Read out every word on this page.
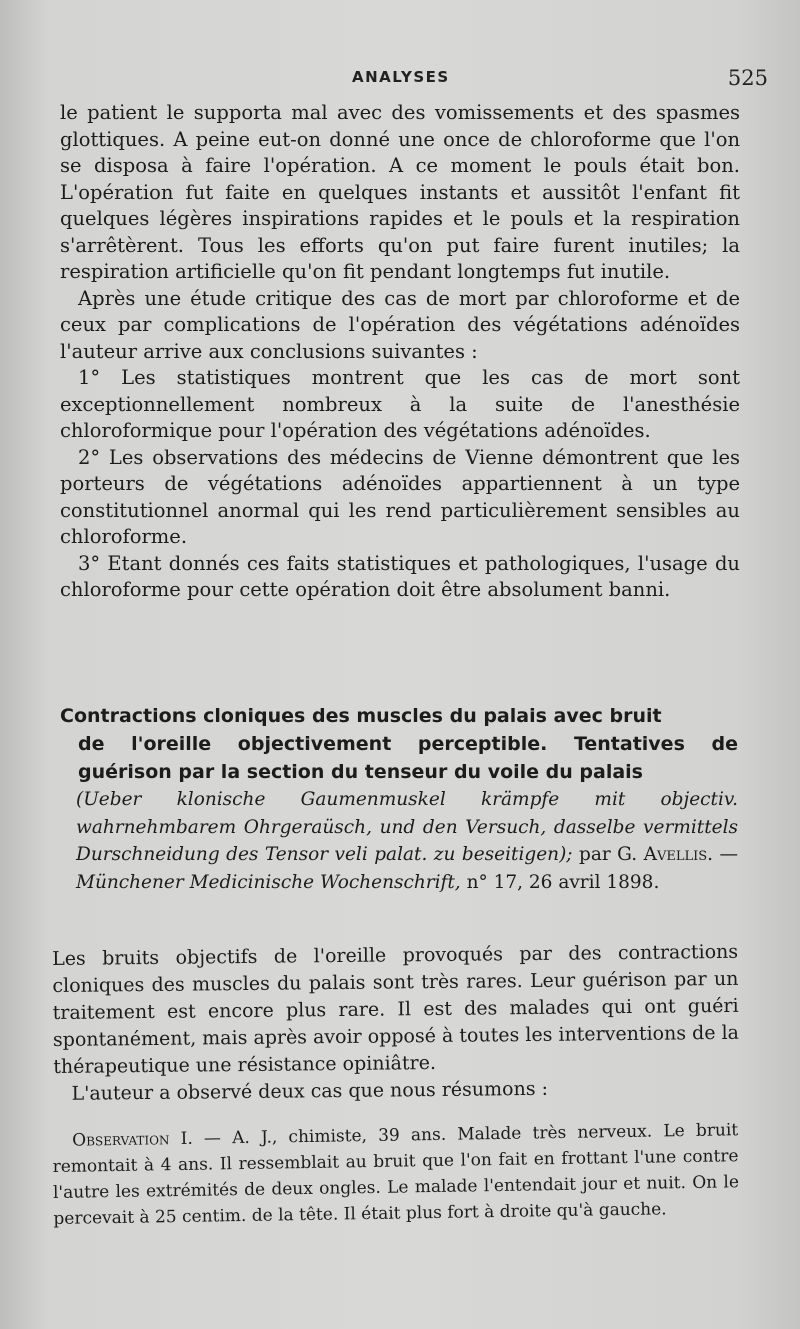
ANALYSES	525

le patient le supporta mal avec des vomissements et des spasmes glottiques. A peine eut-on donné une once de chloroforme que l'on se disposa à faire l'opération. A ce moment le pouls était bon. L'opération fut faite en quelques instants et aussitôt l'enfant fit quelques légères inspirations rapides et le pouls et la respiration s'arrêtèrent. Tous les efforts qu'on put faire furent inutiles; la respiration artificielle qu'on fit pendant longtemps fut inutile.

Après une étude critique des cas de mort par chloroforme et de ceux par complications de l'opération des végétations adénoïdes l'auteur arrive aux conclusions suivantes :

1° Les statistiques montrent que les cas de mort sont exceptionnellement nombreux à la suite de l'anesthésie chloroformique pour l'opération des végétations adénoïdes.

2° Les observations des médecins de Vienne démontrent que les porteurs de végétations adénoïdes appartiennent à un type constitutionnel anormal qui les rend particulièrement sensibles au chloroforme.

3° Etant donnés ces faits statistiques et pathologiques, l'usage du chloroforme pour cette opération doit être absolument banni.

Contractions cloniques des muscles du palais avec bruit
de l'oreille objectivement perceptible. Tentatives de guérison par la section du tenseur du voile du palais

(Ueber klonische Gaumenmuskel krämpfe mit objectiv. wahrnehmbarem Ohrgeraüsch, und den Versuch, dasselbe vermittels Durschneidung des Tensor veli palat. zu beseitigen); par G. Avellis. — Münchener Medicinische Wochenschrift, n° 17, 26 avril 1898.

Les bruits objectifs de l'oreille provoqués par des contractions cloniques des muscles du palais sont très rares. Leur guérison par un traitement est encore plus rare. Il est des malades qui ont guéri spontanément, mais après avoir opposé à toutes les interventions de la thérapeutique une résistance opiniâtre.

L'auteur a observé deux cas que nous résumons :

Observation I. — A. J., chimiste, 39 ans. Malade très nerveux. Le bruit remontait à 4 ans. Il ressemblait au bruit que l'on fait en frottant l'une contre l'autre les extrémités de deux ongles. Le malade l'entendait jour et nuit. On le percevait à 25 centim. de la tête. Il était plus fort à droite qu'à gauche.
